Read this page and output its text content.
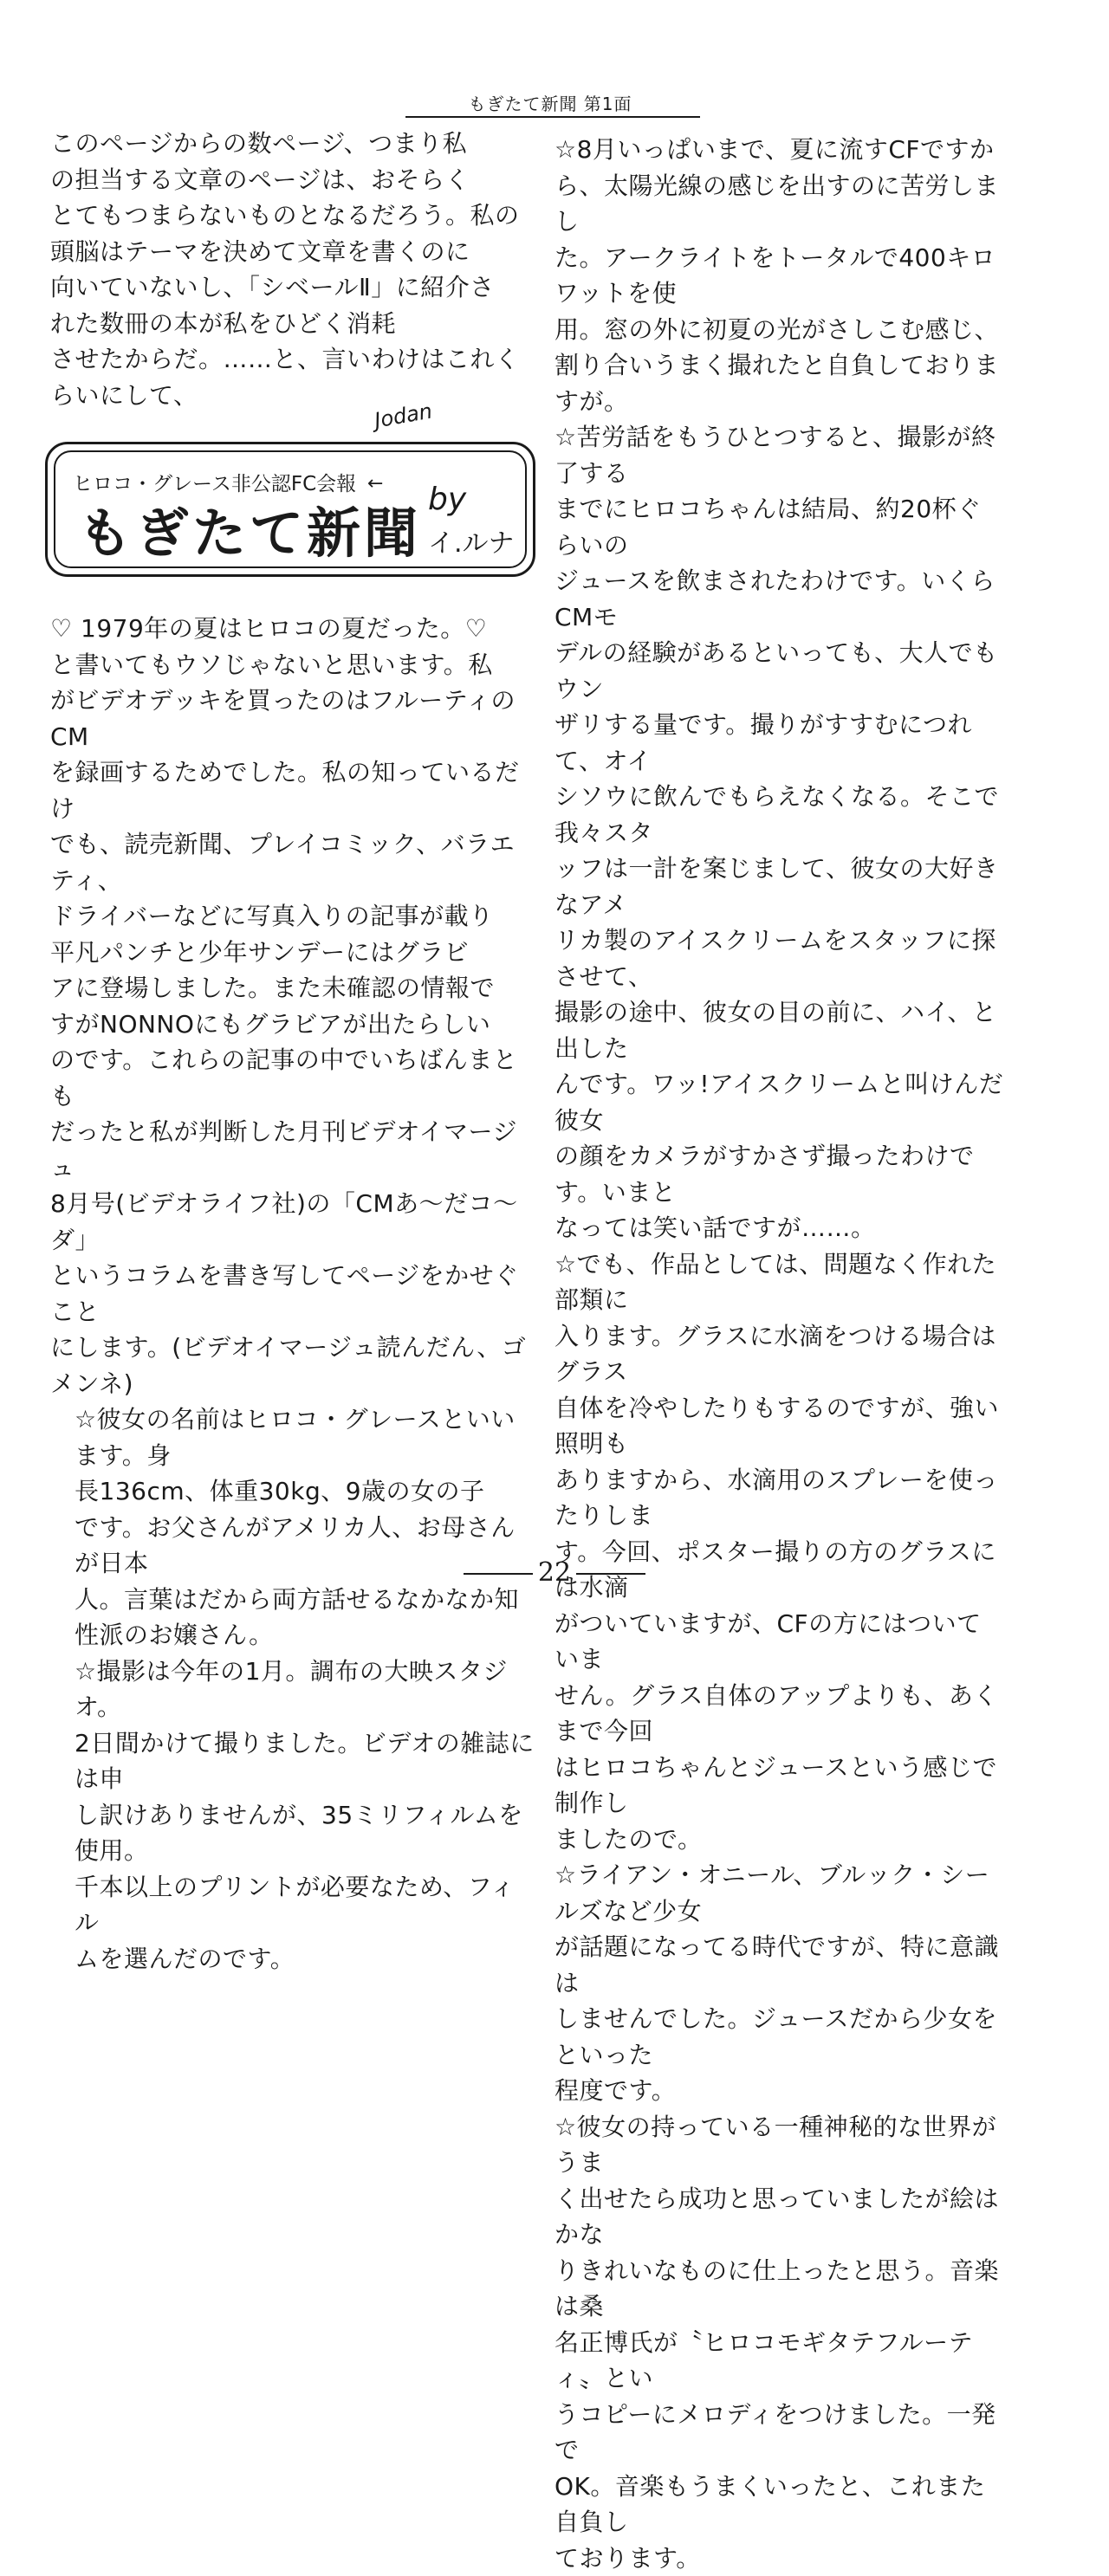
もぎたて新聞 第1面

このページからの数ページ、つまり私

の担当する文章のページは、おそらく

とてもつまらないものとなるだろう。私の

頭脳はテーマを決めて文章を書くのに

向いていないし、「シベールⅡ」に紹介さ

れた数冊の本が私をひどく消耗

させたからだ。……と、言いわけはこれく

らいにして、

Jodan
ヒロコ・グレース非公認FC会報 ←
もぎたて新聞
by
イ.ルナ

♡ 1979年の夏はヒロコの夏だった。♡

と書いてもウソじゃないと思います。私

がビデオデッキを買ったのはフルーティのCM

を録画するためでした。私の知っているだけ

でも、読売新聞、プレイコミック、バラエティ、

ドライバーなどに写真入りの記事が載り

平凡パンチと少年サンデーにはグラビ

アに登場しました。また未確認の情報で

すがNONNOにもグラビアが出たらしい

のです。これらの記事の中でいちばんまとも

だったと私が判断した月刊ビデオイマージュ

8月号(ビデオライフ社)の「CMあ～だコ～ダ」

というコラムを書き写してページをかせぐこと

にします。(ビデオイマージュ読んだん、ゴメンネ)

☆彼女の名前はヒロコ・グレースといいます。身

長136cm、体重30kg、9歳の女の子

です。お父さんがアメリカ人、お母さんが日本

人。言葉はだから両方話せるなかなか知

性派のお嬢さん。

☆撮影は今年の1月。調布の大映スタジオ。

2日間かけて撮りました。ビデオの雑誌には申

し訳けありませんが、35ミリフィルムを使用。

千本以上のプリントが必要なため、フィル

ムを選んだのです。

☆8月いっぱいまで、夏に流すCFですか

ら、太陽光線の感じを出すのに苦労しまし

た。アークライトをトータルで400キロワットを使

用。窓の外に初夏の光がさしこむ感じ、

割り合いうまく撮れたと自負しておりますが。

☆苦労話をもうひとつすると、撮影が終了する

までにヒロコちゃんは結局、約20杯ぐらいの

ジュースを飲まされたわけです。いくらCMモ

デルの経験があるといっても、大人でもウン

ザリする量です。撮りがすすむにつれて、オイ

シソウに飲んでもらえなくなる。そこで我々スタ

ッフは一計を案じまして、彼女の大好きなアメ

リカ製のアイスクリームをスタッフに探させて、

撮影の途中、彼女の目の前に、ハイ、と出した

んです。ワッ!アイスクリームと叫けんだ彼女

の顔をカメラがすかさず撮ったわけです。いまと

なっては笑い話ですが……。

☆でも、作品としては、問題なく作れた部類に

入ります。グラスに水滴をつける場合はグラス

自体を冷やしたりもするのですが、強い照明も

ありますから、水滴用のスプレーを使ったりしま

す。今回、ポスター撮りの方のグラスには水滴

がついていますが、CFの方にはついていま

せん。グラス自体のアップよりも、あくまで今回

はヒロコちゃんとジュースという感じで制作し

ましたので。

☆ライアン・オニール、ブルック・シールズなど少女

が話題になってる時代ですが、特に意識は

しませんでした。ジュースだから少女をといった

程度です。

☆彼女の持っている一種神秘的な世界がうま

く出せたら成功と思っていましたが絵はかな

りきれいなものに仕上ったと思う。音楽は桑

名正博氏が〝ヒロコモギタテフルーティ〟とい

うコピーにメロディをつけました。一発で

OK。音楽もうまくいったと、これまた自負し

ております。

22
